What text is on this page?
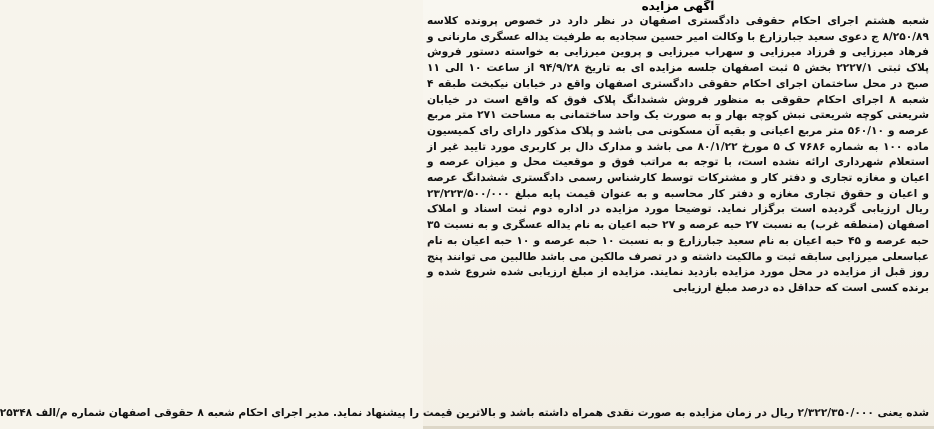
آگهی مزایده

شعبه هشتم اجرای احکام حقوقی دادگستری اصفهان در نظر دارد در خصوص پرونده کلاسه ۸/۲۵۰/۸۹ ج دعوی سعید جبارزارع با وکالت امیر حسین سجادیه به طرفیت یداله عسگری مارنانی و فرهاد میرزایی و فرزاد میرزایی و سهراب میرزایی و پروین میرزایی به خواسته دستور فروش پلاک ثبتی ۲۲۲۷/۱ بخش ۵ ثبت اصفهان جلسه مزایده ای به تاریخ ۹۴/۹/۲۸ از ساعت ۱۰ الی ۱۱ صبح در محل ساختمان اجرای احکام حقوقی دادگستری اصفهان واقع در خیابان نیکبخت طبقه ۴ شعبه ۸ اجرای احکام حقوقی به منظور فروش ششدانگ پلاک فوق که واقع است در خیابان شریعتی کوچه شریعتی نبش کوچه بهار و به صورت یک واحد ساختمانی به مساحت ۲۷۱ متر مربع عرصه و ۵۶۰/۱۰ متر مربع اعیانی و بقیه آن مسکونی می باشد و پلاک مذکور دارای رای کمیسیون ماده ۱۰۰ به شماره ۷۶۸۶ ک ۵ مورخ ۸۰/۱/۲۲ می باشد و مدارک دال بر کاربری مورد تایید غیر از استعلام شهرداری ارائه نشده است، با توجه به مراتب فوق و موقعیت محل و میزان عرصه و اعیان و مغازه تجاری و دفتر کار و مشترکات توسط کارشناس رسمی دادگستری ششدانگ عرصه و اعیان و حقوق تجاری مغازه و دفتر کار محاسبه و به عنوان قیمت پایه مبلغ ۲۳/۲۲۳/۵۰۰/۰۰۰ ریال ارزیابی گردیده است برگزار نماید. توضیحا مورد مزایده در اداره دوم ثبت اسناد و املاک اصفهان (منطقه غرب) به نسبت ۲۷ حبه عرصه و ۲۷ حبه اعیان به نام یداله عسگری و به نسبت ۳۵ حبه عرصه و ۴۵ حبه اعیان به نام سعید جبارزارع و به نسبت ۱۰ حبه عرصه و ۱۰ حبه اعیان به نام عباسعلی میرزایی سابقه ثبت و مالکیت داشته و در تصرف مالکین می باشد طالبین می توانند پنج روز قبل از مزایده در محل مورد مزایده بازدید نمایند. مزایده از مبلغ ارزیابی شده شروع شده و برنده کسی است که حداقل ده درصد مبلغ ارزیابی

شده یعنی ۲/۳۲۲/۳۵۰/۰۰۰ ریال در زمان مزایده به صورت نقدی همراه داشته باشد و بالاترین قیمت را پیشنهاد نماید. مدیر اجرای احکام شعبه ۸ حقوقی اصفهان شماره م/الف ۲۵۳۴۸
